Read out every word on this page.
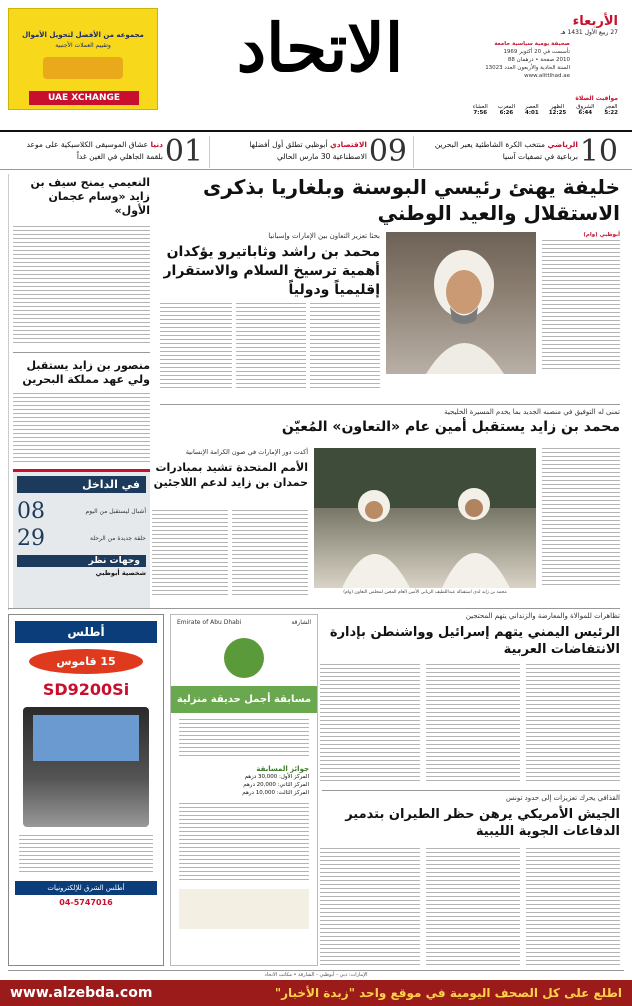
الأربعاء
27 ربيع الأول 1431 هـ
الاتحاد	صحيفة يومية سياسية جامعة
تأسست في 20 أكتوبر 1969
2010 صفحة • درهمان 88
السنة الحادية والأربعون العدد 13023
www.alittihad.ae
مواقيت الصلاة
الفجر
5:22
الشروق
6:44
الظهر
12:25
العصر
4:01
المغرب
6:26
العشاء
7:56
مجموعه من الأفضل لتحويل الأموال
وتقييم العملات الأجنبية
UAE XCHANGE
10
الرياضي منتخب الكرة الشاطئية يعبر البحرين برباعية في تصفيات آسيا
09
الاقتصادي أبوظبي تطلق أول أفضلها الاصطناعية 30 مارس الحالي
01
دنيا عشاق الموسيقى الكلاسيكية على موعد بلقمة الجاهلي في الغين غداً
خليفة يهنئ رئيسي البوسنة وبلغاريا بذكرى الاستقلال والعيد الوطني
أبوظبي (وام)
بحثا تعزيز التعاون بين الإمارات وإسبانيا
محمد بن راشد وثاباتيرو يؤكدان أهمية ترسيخ السلام والاستقرار إقليمياً ودولياً
النعيمي يمنح سيف بن زايد «وسام عجمان الأول»
منصور بن زايد يستقبل ولي عهد مملكة البحرين
في الداخل
أشبال ليستقبل من اليوم
08
حلقة جديدة من الرحلة
29
وجهات نظر
شخصية أبوظبي
تمنى له التوفيق في منصبه الجديد بما يخدم المسيرة الخليجية
محمد بن زايد يستقبل أمين عام «التعاون» المُعيّن
محمد بن زايد لدى استقباله عبداللطيف الزياني الأمين العام المعين لمجلس التعاون (وام)
أكدت دور الإمارات في صون الكرامة الإنسانية
الأمم المتحدة تشيد بمبادرات حمدان بن زايد لدعم اللاجئين
تظاهرات للموالاة والمعارضة والزنداني يتهم المحتجين
الرئيس اليمني يتهم إسرائيل وواشنطن بإدارة الانتفاضات العربية
القذافي يحرك تعزيزات إلى حدود تونس
الجيش الأمريكي يرهن حظر الطيران بتدمير الدفاعات الجوية الليبية
الشارقة
Emirate of Abu Dhabi
مسابقة أجمل حديقة منزلية
جوائز المسابقة
المركز الأول: 30,000 درهم
المركز الثاني: 20,000 درهم
المركز الثالث: 10,000 درهم
أطلس
15 قاموس
SD9200Si
أطلس الشرق للإلكترونيات
04-5747016
الإمارات: دبي - أبوظبي - الشارقة • مكاتب الاتحاد
اطلع على كل الصحف اليومية في موقع واحد "زبدة الأخبار"
www.alzebda.com
